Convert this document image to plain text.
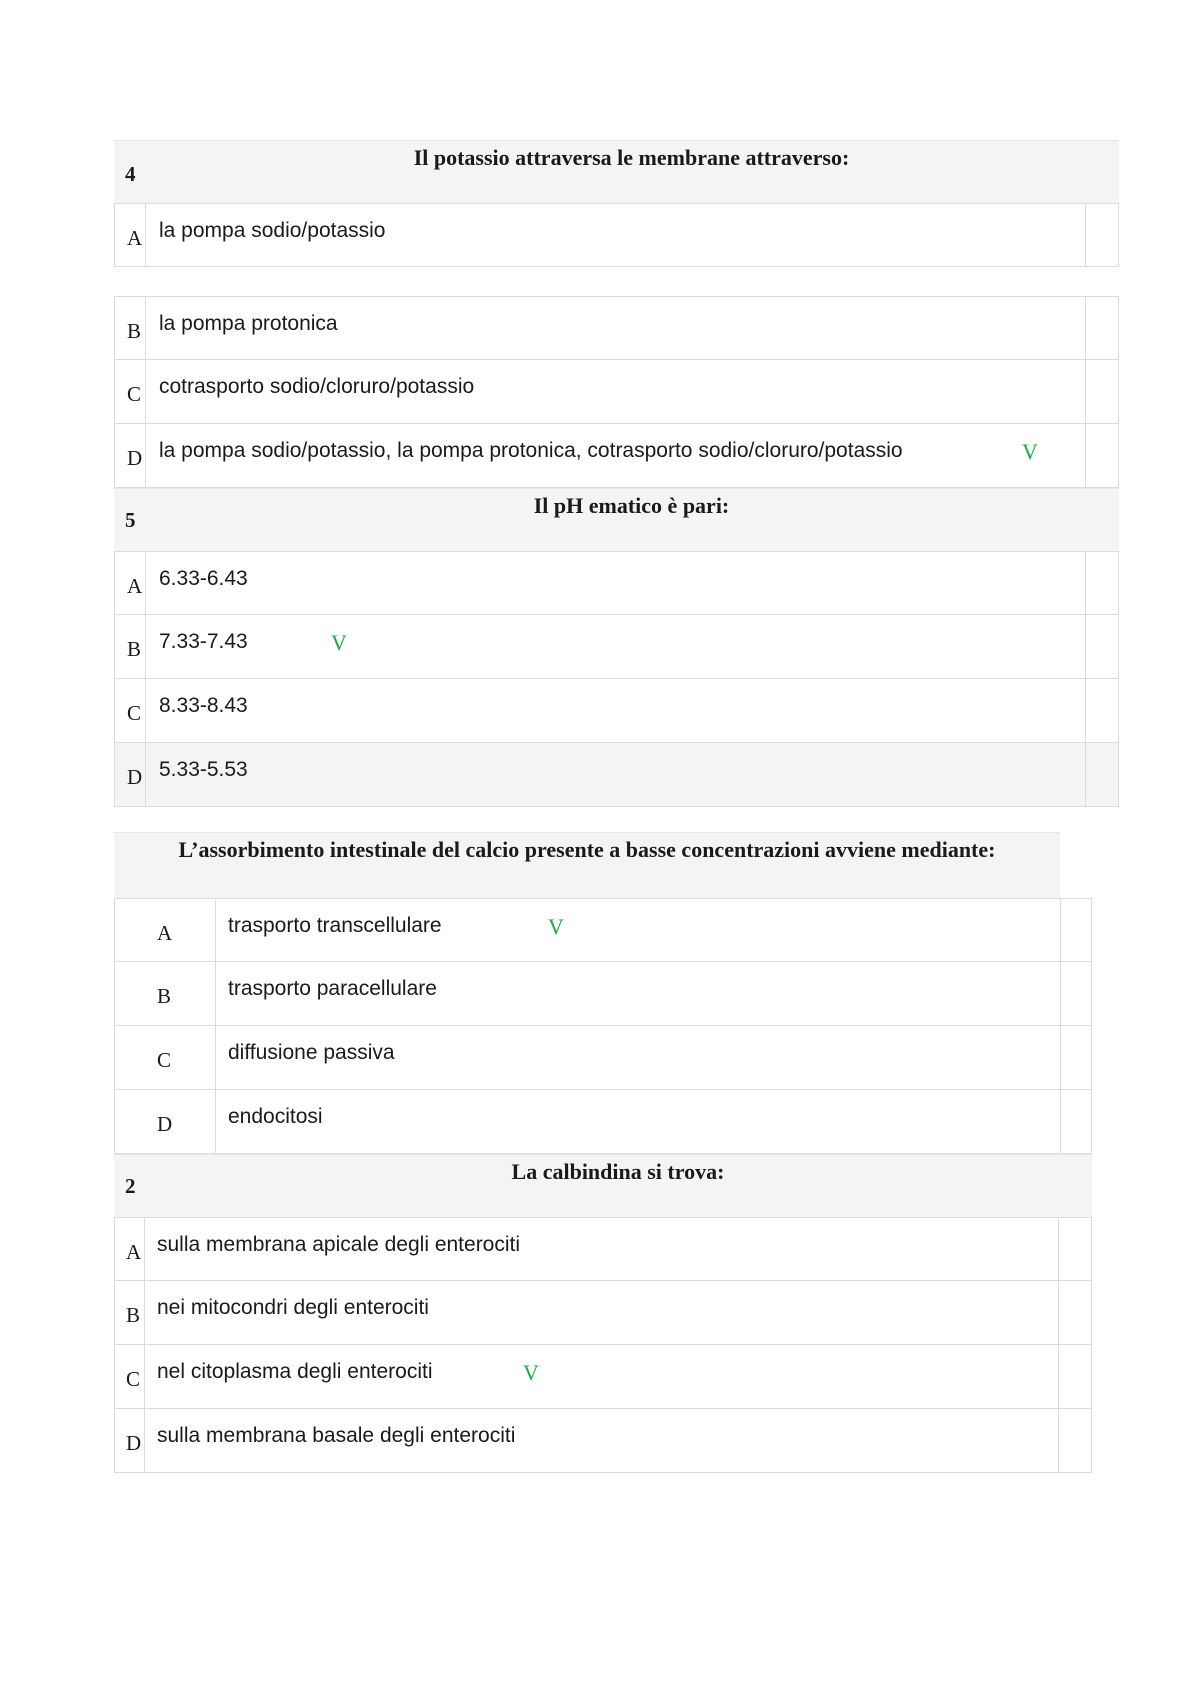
4
Il potassio attraversa le membrane attraverso:
A la pompa sodio/potassio
B la pompa protonica
C cotrasporto sodio/cloruro/potassio
D la pompa sodio/potassio, la pompa protonica, cotrasporto sodio/cloruro/potassio	V
5
Il pH ematico è pari:
A 6.33-6.43
B 7.33-7.43	V
C 8.33-8.43
D 5.33-5.53
L’assorbimento intestinale del calcio presente a basse concentrazioni avviene mediante:
A	trasporto transcellulare	V
B	trasporto paracellulare
C	diffusione passiva
D	endocitosi
2
La calbindina si trova:
A sulla membrana apicale degli enterociti
B nei mitocondri degli enterociti
C nel citoplasma degli enterociti	V
D sulla membrana basale degli enterociti
